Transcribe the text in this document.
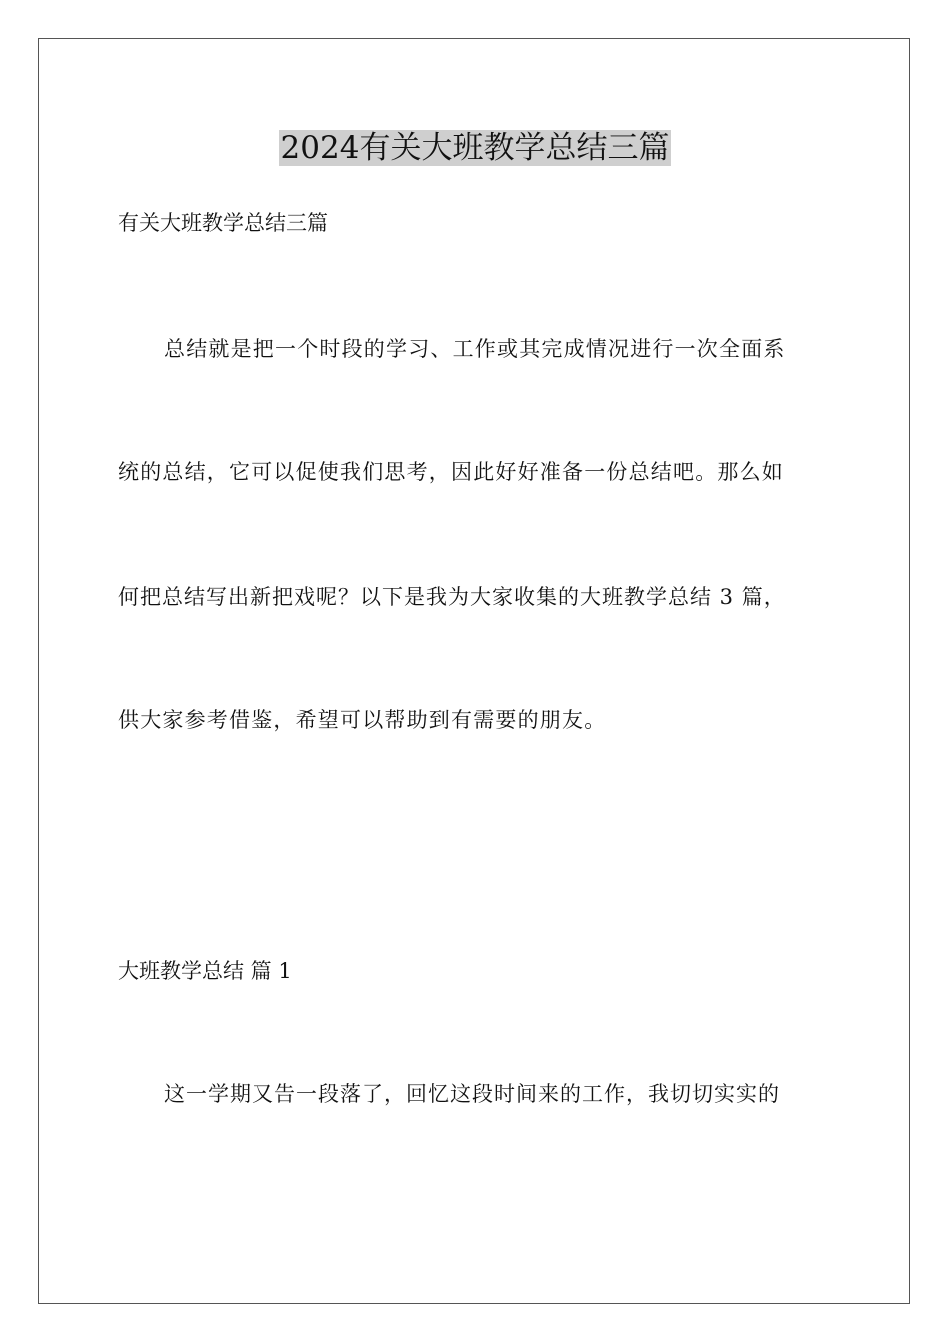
2024有关大班教学总结三篇

有关大班教学总结三篇

总结就是把一个时段的学习、工作或其完成情况进行一次全面系

统的总结，它可以促使我们思考，因此好好准备一份总结吧。那么如

何把总结写出新把戏呢？以下是我为大家收集的大班教学总结 3 篇，

供大家参考借鉴，希望可以帮助到有需要的朋友。

大班教学总结 篇 1

这一学期又告一段落了，回忆这段时间来的工作，我切切实实的
